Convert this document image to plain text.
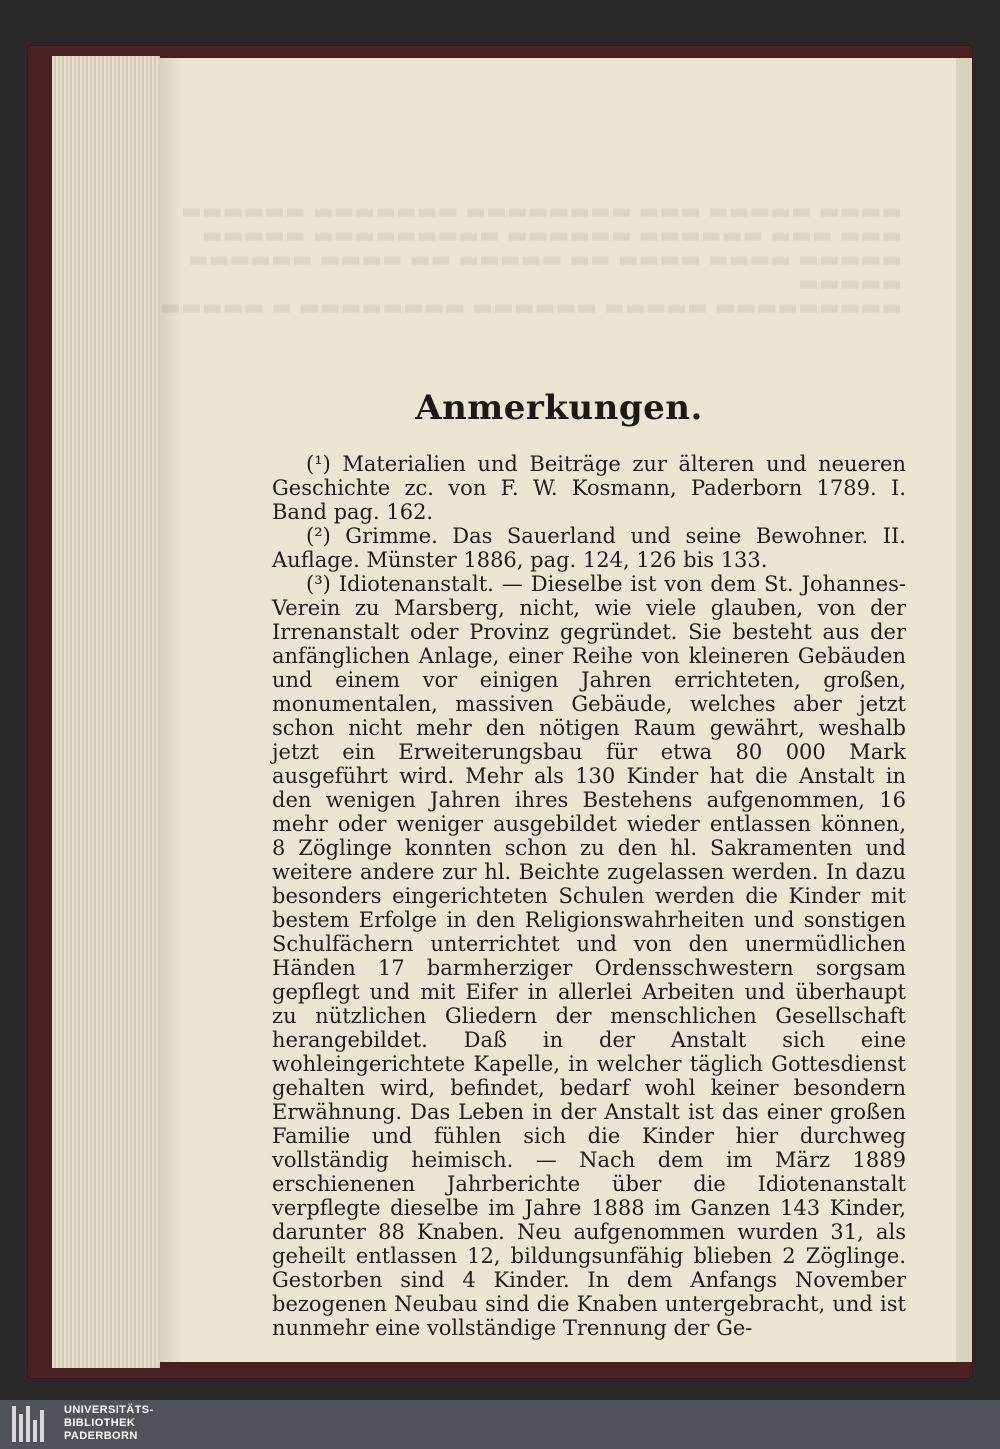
▬▬▬▬ ▬▬▬▬▬ ▬▬▬ ▬▬▬▬▬▬▬▬ ▬▬▬▬▬▬▬ ▬▬▬▬▬▬
▬▬▬ ▬▬▬ ▬▬▬▬▬▬ ▬▬▬▬▬▬ ▬▬▬▬▬▬▬▬▬ ▬▬▬▬▬
▬▬▬▬▬ ▬▬▬▬ ▬▬▬▬ ▬▬ ▬▬▬▬▬ ▬▬ ▬▬▬▬ ▬▬▬▬▬▬
▬▬▬▬▬
▬▬▬▬▬▬▬▬▬ ▬▬▬▬▬ ▬▬▬▬▬▬ ▬▬▬▬▬▬▬▬ ▬ ▬▬▬▬▬
Anmerkungen.

(¹) Materialien und Beiträge zur älteren und neueren Geschichte zc. von F. W. Kosmann, Paderborn 1789. I. Band pag. 162.

(²) Grimme. Das Sauerland und seine Bewohner. II. Auflage. Münster 1886, pag. 124, 126 bis 133.

(³) Idiotenanstalt. — Dieselbe ist von dem St. Johannes-Verein zu Marsberg, nicht, wie viele glauben, von der Irrenanstalt oder Provinz gegründet. Sie besteht aus der anfänglichen Anlage, einer Reihe von kleineren Gebäuden und einem vor einigen Jahren errichteten, großen, monumentalen, massiven Gebäude, welches aber jetzt schon nicht mehr den nötigen Raum gewährt, weshalb jetzt ein Erweiterungsbau für etwa 80 000 Mark ausgeführt wird. Mehr als 130 Kinder hat die Anstalt in den wenigen Jahren ihres Bestehens aufgenommen, 16 mehr oder weniger ausgebildet wieder entlassen können, 8 Zöglinge konnten schon zu den hl. Sakramenten und weitere andere zur hl. Beichte zugelassen werden. In dazu besonders eingerichteten Schulen werden die Kinder mit bestem Erfolge in den Religionswahrheiten und sonstigen Schulfächern unterrichtet und von den unermüdlichen Händen 17 barmherziger Ordensschwestern sorgsam gepflegt und mit Eifer in allerlei Arbeiten und überhaupt zu nützlichen Gliedern der menschlichen Gesellschaft herangebildet. Daß in der Anstalt sich eine wohleingerichtete Kapelle, in welcher täglich Gottesdienst gehalten wird, befindet, bedarf wohl keiner besondern Erwähnung. Das Leben in der Anstalt ist das einer großen Familie und fühlen sich die Kinder hier durchweg vollständig heimisch. — Nach dem im März 1889 erschienenen Jahrberichte über die Idiotenanstalt verpflegte dieselbe im Jahre 1888 im Ganzen 143 Kinder, darunter 88 Knaben. Neu aufgenommen wurden 31, als geheilt entlassen 12, bildungsunfähig blieben 2 Zöglinge. Gestorben sind 4 Kinder. In dem Anfangs November bezogenen Neubau sind die Knaben untergebracht, und ist nunmehr eine vollständige Trennung der Ge-

UNIVERSITÄTS-
BIBLIOTHEK
PADERBORN
